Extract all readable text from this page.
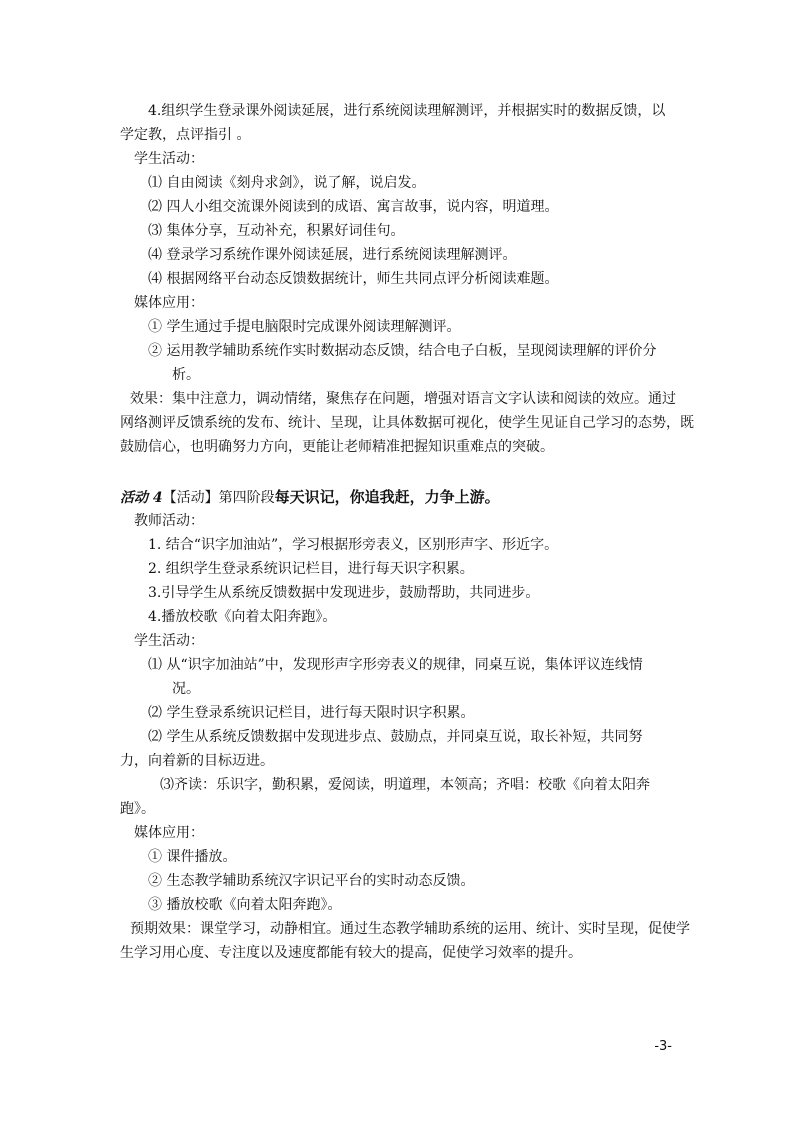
4.组织学生登录课外阅读延展，进行系统阅读理解测评，并根据实时的数据反馈，以
学定教，点评指引 。
学生活动：
⑴ 自由阅读《刻舟求剑》，说了解，说启发。
⑵ 四人小组交流课外阅读到的成语、寓言故事，说内容，明道理。
⑶ 集体分享，互动补充，积累好词佳句。
⑷ 登录学习系统作课外阅读延展，进行系统阅读理解测评。
⑷ 根据网络平台动态反馈数据统计，师生共同点评分析阅读难题。
媒体应用：
① 学生通过手提电脑限时完成课外阅读理解测评。
② 运用教学辅助系统作实时数据动态反馈，结合电子白板，呈现阅读理解的评价分
析。
效果：集中注意力，调动情绪，聚焦存在问题，增强对语言文字认读和阅读的效应。通过
网络测评反馈系统的发布、统计、呈现，让具体数据可视化，使学生见证自己学习的态势，既
鼓励信心，也明确努力方向，更能让老师精准把握知识重难点的突破。
活动 4【活动】第四阶段每天识记，你追我赶，力争上游。
教师活动：
1. 结合“识字加油站”，学习根据形旁表义，区别形声字、形近字。
2. 组织学生登录系统识记栏目，进行每天识字积累。
3.引导学生从系统反馈数据中发现进步，鼓励帮助，共同进步。
4.播放校歌《向着太阳奔跑》。
学生活动：
⑴ 从“识字加油站”中，发现形声字形旁表义的规律，同桌互说，集体评议连线情
况。
⑵ 学生登录系统识记栏目，进行每天限时识字积累。
⑵ 学生从系统反馈数据中发现进步点、鼓励点，并同桌互说，取长补短，共同努
力，向着新的目标迈进。
⑶齐读：乐识字，勤积累，爱阅读，明道理，本领高；齐唱：校歌《向着太阳奔
跑》。
媒体应用：
① 课件播放。
② 生态教学辅助系统汉字识记平台的实时动态反馈。
③ 播放校歌《向着太阳奔跑》。
预期效果：课堂学习，动静相宜。通过生态教学辅助系统的运用、统计、实时呈现，促使学
生学习用心度、专注度以及速度都能有较大的提高，促使学习效率的提升。
-3-
